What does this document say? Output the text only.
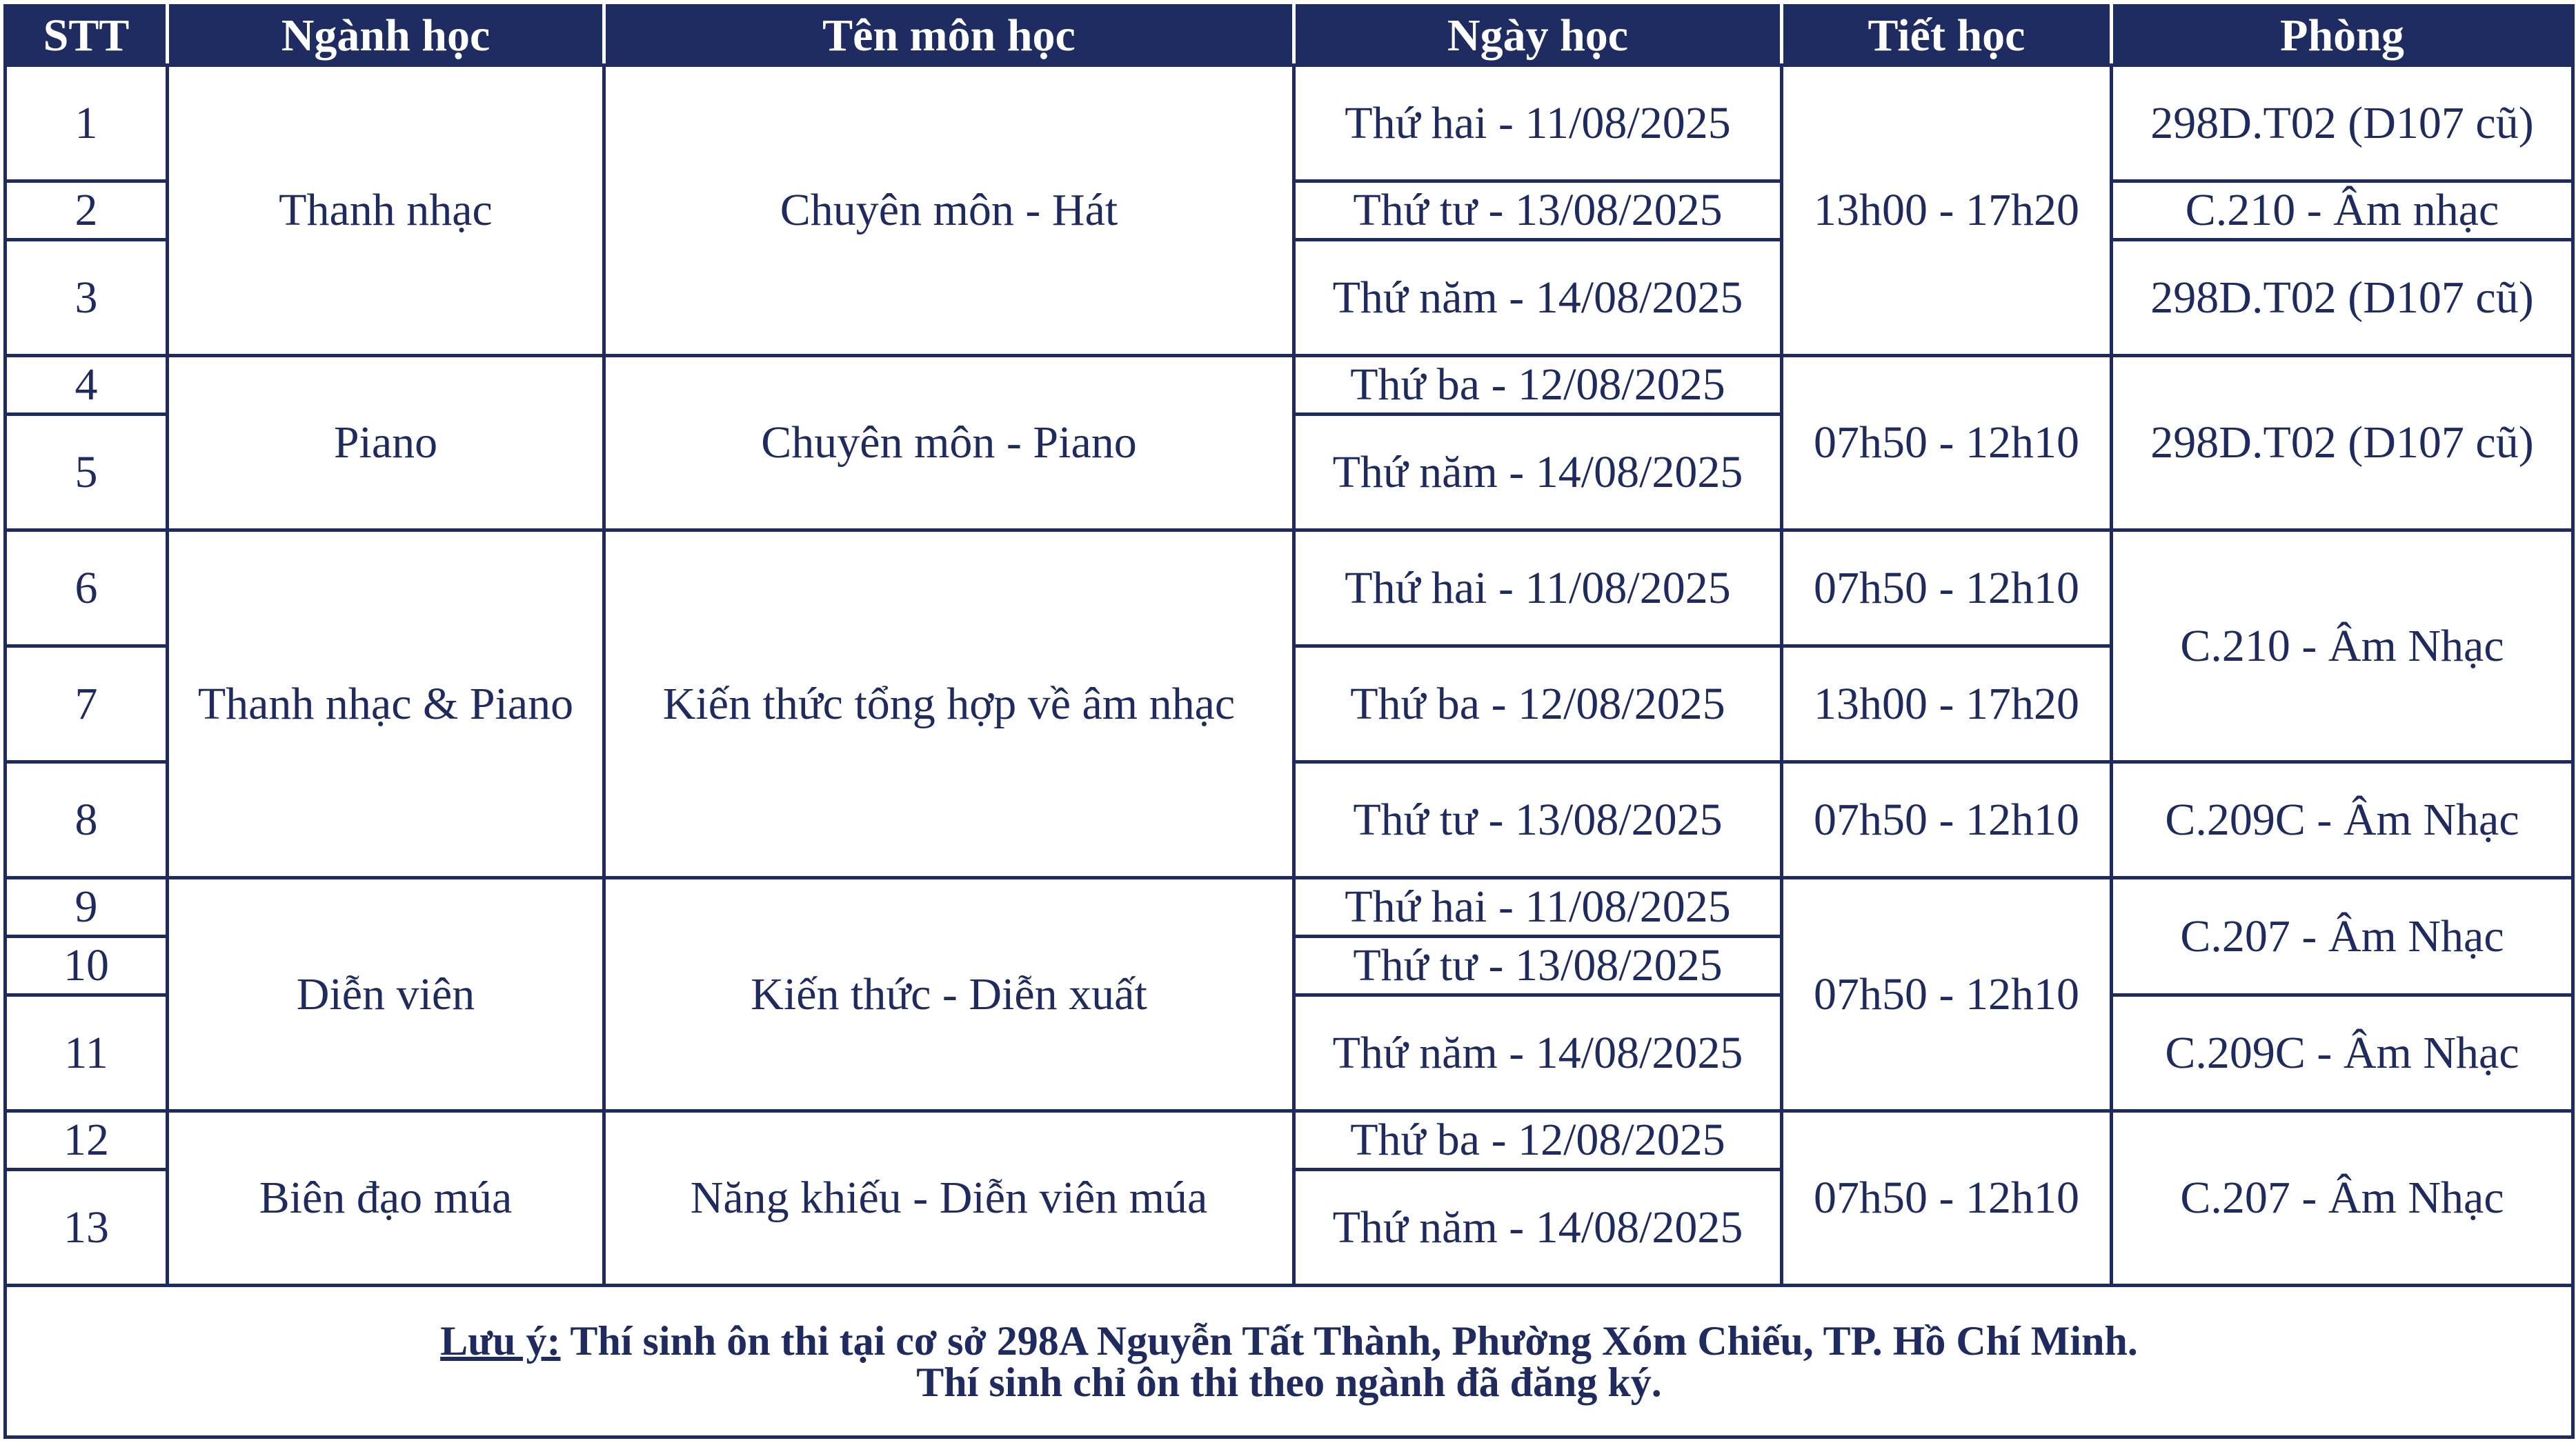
STT	Ngành học	Tên môn học	Ngày học	Tiết học	Phòng
1	Thanh nhạc	Chuyên môn - Hát	Thứ hai - 11/08/2025	13h00 - 17h20	298D.T02 (D107 cũ)
2			Thứ tư - 13/08/2025		C.210 - Âm nhạc
3			Thứ năm - 14/08/2025		298D.T02 (D107 cũ)
4	Piano	Chuyên môn - Piano	Thứ ba - 12/08/2025	07h50 - 12h10	298D.T02 (D107 cũ)
5			Thứ năm - 14/08/2025		
6	Thanh nhạc & Piano	Kiến thức tổng hợp về âm nhạc	Thứ hai - 11/08/2025	07h50 - 12h10	C.210 - Âm Nhạc
7			Thứ ba - 12/08/2025	13h00 - 17h20	
8			Thứ tư - 13/08/2025	07h50 - 12h10	C.209C - Âm Nhạc
9	Diễn viên	Kiến thức - Diễn xuất	Thứ hai - 11/08/2025	07h50 - 12h10	C.207 - Âm Nhạc
10			Thứ tư - 13/08/2025		
11			Thứ năm - 14/08/2025		C.209C - Âm Nhạc
12	Biên đạo múa	Năng khiếu - Diễn viên múa	Thứ ba - 12/08/2025	07h50 - 12h10	C.207 - Âm Nhạc
13			Thứ năm - 14/08/2025		

Lưu ý: Thí sinh ôn thi tại cơ sở 298A Nguyễn Tất Thành, Phường Xóm Chiếu, TP. Hồ Chí Minh.
Thí sinh chỉ ôn thi theo ngành đã đăng ký.					
